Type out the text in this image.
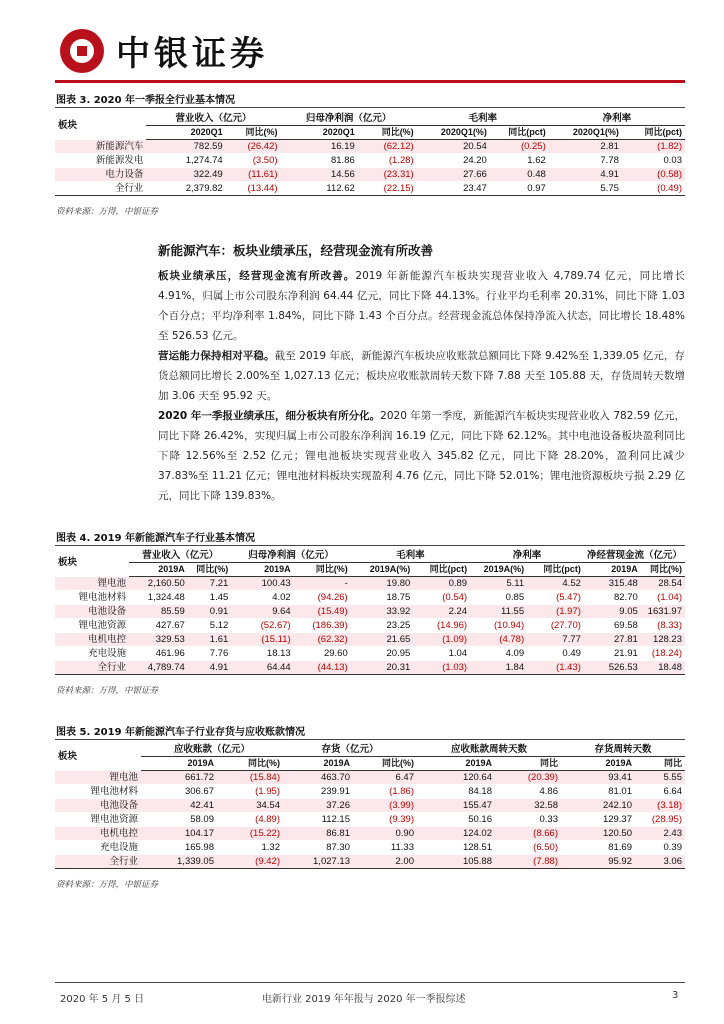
中银证券
图表 3. 2020 年一季报全行业基本情况
板块	营业收入（亿元）		归母净利润（亿元）		毛利率		净利率	
	2020Q1	同比(%)	2020Q1	同比(%)	2020Q1(%)	同比(pct)	2020Q1(%)	同比(pct)
新能源汽车	782.59	(26.42)	16.19	(62.12)	20.54	(0.25)	2.81	(1.82)
新能源发电	1,274.74	(3.50)	81.86	(1.28)	24.20	1.62	7.78	0.03
电力设备	322.49	(11.61)	14.56	(23.31)	27.66	0.48	4.91	(0.58)
全行业	2,379.82	(13.44)	112.62	(22.15)	23.47	0.97	5.75	(0.49)
资料来源：万得，中银证券
新能源汽车：板块业绩承压，经营现金流有所改善
板块业绩承压，经营现金流有所改善。2019 年新能源汽车板块实现营业收入 4,789.74 亿元，同比增长 4.91%，归属上市公司股东净利润 64.44 亿元，同比下降 44.13%。行业平均毛利率 20.31%，同比下降 1.03 个百分点；平均净利率 1.84%，同比下降 1.43 个百分点。经营现金流总体保持净流入状态，同比增长 18.48%至 526.53 亿元。
营运能力保持相对平稳。截至 2019 年底，新能源汽车板块应收账款总额同比下降 9.42%至 1,339.05 亿元，存货总额同比增长 2.00%至 1,027.13 亿元；板块应收账款周转天数下降 7.88 天至 105.88 天，存货周转天数增加 3.06 天至 95.92 天。
2020 年一季报业绩承压，细分板块有所分化。2020 年第一季度，新能源汽车板块实现营业收入 782.59 亿元，同比下降 26.42%，实现归属上市公司股东净利润 16.19 亿元，同比下降 62.12%。其中电池设备板块盈利同比下降 12.56%至 2.52 亿元；锂电池板块实现营业收入 345.82 亿元，同比下降 28.20%，盈利同比减少 37.83%至 11.21 亿元；锂电池材料板块实现盈利 4.76 亿元，同比下降 52.01%；锂电池资源板块亏损 2.29 亿元，同比下降 139.83%。
图表 4. 2019 年新能源汽车子行业基本情况
板块	营业收入（亿元）		归母净利润（亿元）		毛利率		净利率		净经营现金流（亿元）	
	2019A	同比(%)	2019A	同比(%)	2019A(%)	同比(pct)	2019A(%)	同比(pct)	2019A	同比(%)
锂电池	2,160.50	7.21	100.43	-	19.80	0.89	5.11	4.52	315.48	28.54
锂电池材料	1,324.48	1.45	4.02	(94.26)	18.75	(0.54)	0.85	(5.47)	82.70	(1.04)
电池设备	85.59	0.91	9.64	(15.49)	33.92	2.24	11.55	(1.97)	9.05	1631.97
锂电池资源	427.67	5.12	(52.67)	(186.39)	23.25	(14.96)	(10.94)	(27.70)	69.58	(8.33)
电机电控	329.53	1.61	(15.11)	(62.32)	21.65	(1.09)	(4.78)	7.77	27.81	128.23
充电设施	461.96	7.76	18.13	29.60	20.95	1.04	4.09	0.49	21.91	(18.24)
全行业	4,789.74	4.91	64.44	(44.13)	20.31	(1.03)	1.84	(1.43)	526.53	18.48
资料来源：万得，中银证券
图表 5. 2019 年新能源汽车子行业存货与应收账款情况
板块	应收账款（亿元）		存货（亿元）		应收账款周转天数		存货周转天数	
	2019A	同比(%)	2019A	同比(%)	2019A	同比	2019A	同比
锂电池	661.72	(15.84)	463.70	6.47	120.64	(20.39)	93.41	5.55
锂电池材料	306.67	(1.95)	239.91	(1.86)	84.18	4.86	81.01	6.64
电池设备	42.41	34.54	37.26	(3.99)	155.47	32.58	242.10	(3.18)
锂电池资源	58.09	(4.89)	112.15	(9.39)	50.16	0.33	129.37	(28.95)
电机电控	104.17	(15.22)	86.81	0.90	124.02	(8.66)	120.50	2.43
充电设施	165.98	1.32	87.30	11.33	128.51	(6.50)	81.69	0.39
全行业	1,339.05	(9.42)	1,027.13	2.00	105.88	(7.88)	95.92	3.06
资料来源：万得，中银证券
2020 年 5 月 5 日	电新行业 2019 年年报与 2020 年一季报综述	3
